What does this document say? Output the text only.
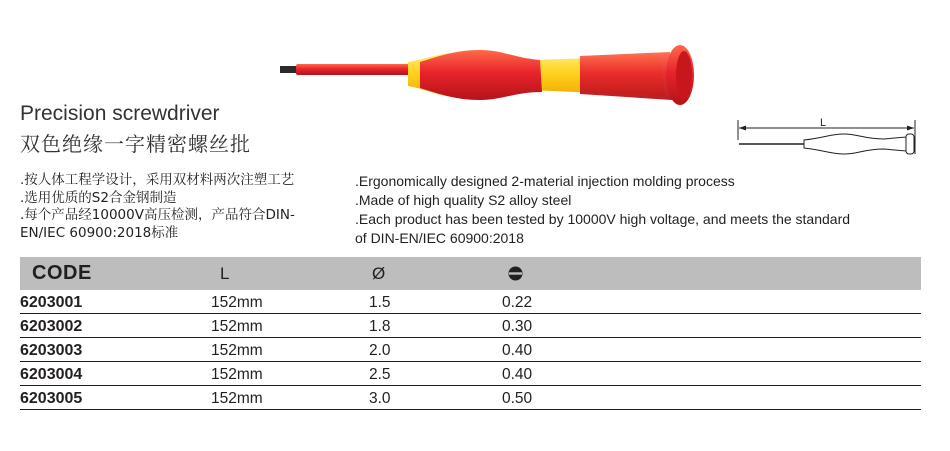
Precision screwdriver
双色绝缘一字精密螺丝批
L
.按人体工程学设计，采用双材料两次注塑工艺
.选用优质的S2合金钢制造
.每个产品经10000V高压检测，产品符合DIN-
EN/IEC 60900:2018标准
.Ergonomically designed 2-material injection molding process
.Made of high quality S2 alloy steel
.Each product has been tested by 10000V high voltage, and meets the standard
of DIN-EN/IEC 60900:2018
CODE	L	Ø
6203001	152mm	1.5	0.22
6203002	152mm	1.8	0.30
6203003	152mm	2.0	0.40
6203004	152mm	2.5	0.40
6203005	152mm	3.0	0.50
